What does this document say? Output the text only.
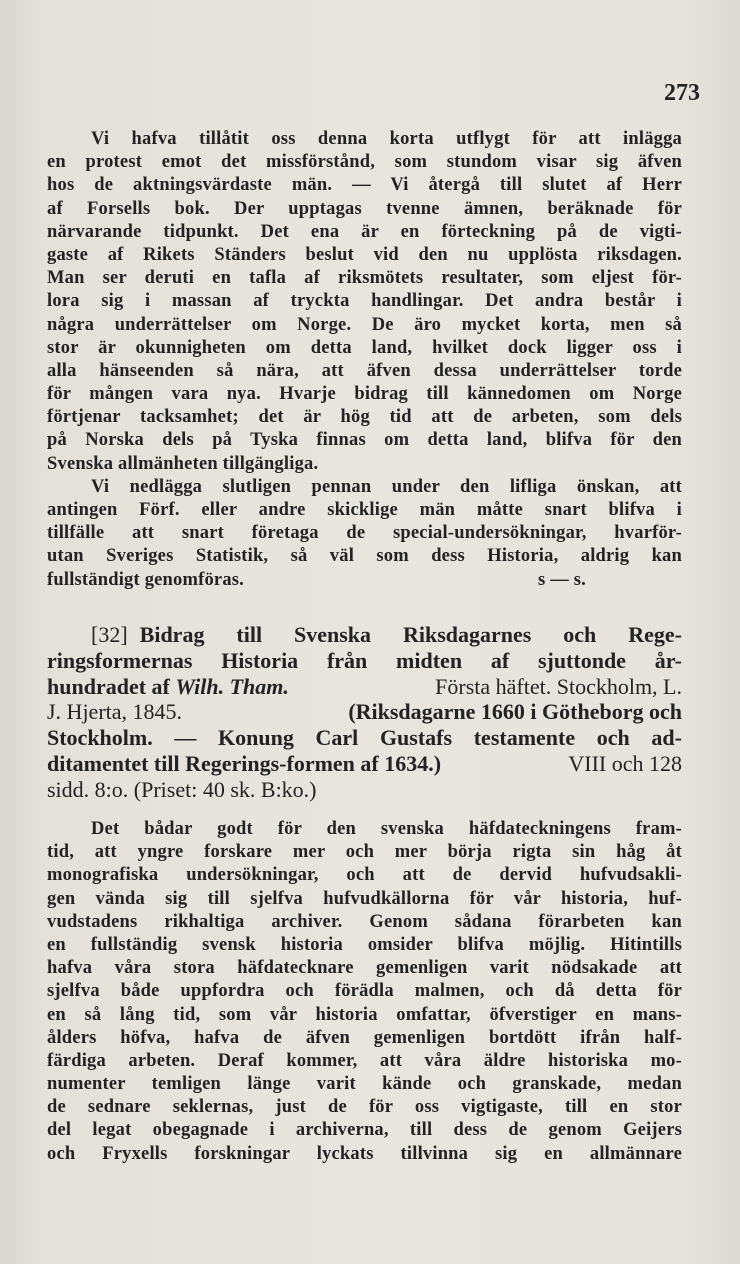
273
Vi hafva tillåtit oss denna korta utflygt för att inlägga
en protest emot det missförstånd, som stundom visar sig äfven
hos de aktningsvärdaste män. — Vi återgå till slutet af Herr
af Forsells bok. Der upptagas tvenne ämnen, beräknade för
närvarande tidpunkt. Det ena är en förteckning på de vigti-
gaste af Rikets Ständers beslut vid den nu upplösta riksdagen.
Man ser deruti en tafla af riksmötets resultater, som eljest för-
lora sig i massan af tryckta handlingar. Det andra består i
några underrättelser om Norge. De äro mycket korta, men så
stor är okunnigheten om detta land, hvilket dock ligger oss i
alla hänseenden så nära, att äfven dessa underrättelser torde
för mången vara nya. Hvarje bidrag till kännedomen om Norge
förtjenar tacksamhet; det är hög tid att de arbeten, som dels
på Norska dels på Tyska finnas om detta land, blifva för den
Svenska allmänheten tillgängliga.
Vi nedlägga slutligen pennan under den lifliga önskan, att
antingen Förf. eller andre skicklige män måtte snart blifva i
tillfälle att snart företaga de special-undersökningar, hvarför-
utan Sveriges Statistik, så väl som dess Historia, aldrig kan
fullständigt genomföras.	s — s.
[32] Bidrag till Svenska Riksdagarnes och Rege-
ringsformernas Historia från midten af sjuttonde år-
hundradet af Wilh. Tham.	Första häftet. Stockholm, L.
J. Hjerta, 1845.	(Riksdagarne 1660 i Götheborg och
Stockholm. — Konung Carl Gustafs testamente och ad-
ditamentet till Regerings-formen af 1634.)	VIII och 128
sidd. 8:o. (Priset: 40 sk. B:ko.)
Det bådar godt för den svenska häfdateckningens fram-
tid, att yngre forskare mer och mer börja rigta sin håg åt
monografiska undersökningar, och att de dervid hufvudsakli-
gen vända sig till sjelfva hufvudkällorna för vår historia, huf-
vudstadens rikhaltiga archiver. Genom sådana förarbeten kan
en fullständig svensk historia omsider blifva möjlig. Hitintills
hafva våra stora häfdatecknare gemenligen varit nödsakade att
sjelfva både uppfordra och förädla malmen, och då detta för
en så lång tid, som vår historia omfattar, öfverstiger en mans-
ålders höfva, hafva de äfven gemenligen bortdött ifrån half-
färdiga arbeten. Deraf kommer, att våra äldre historiska mo-
numenter temligen länge varit kände och granskade, medan
de sednare seklernas, just de för oss vigtigaste, till en stor
del legat obegagnade i archiverna, till dess de genom Geijers
och Fryxells forskningar lyckats tillvinna sig en allmännare
